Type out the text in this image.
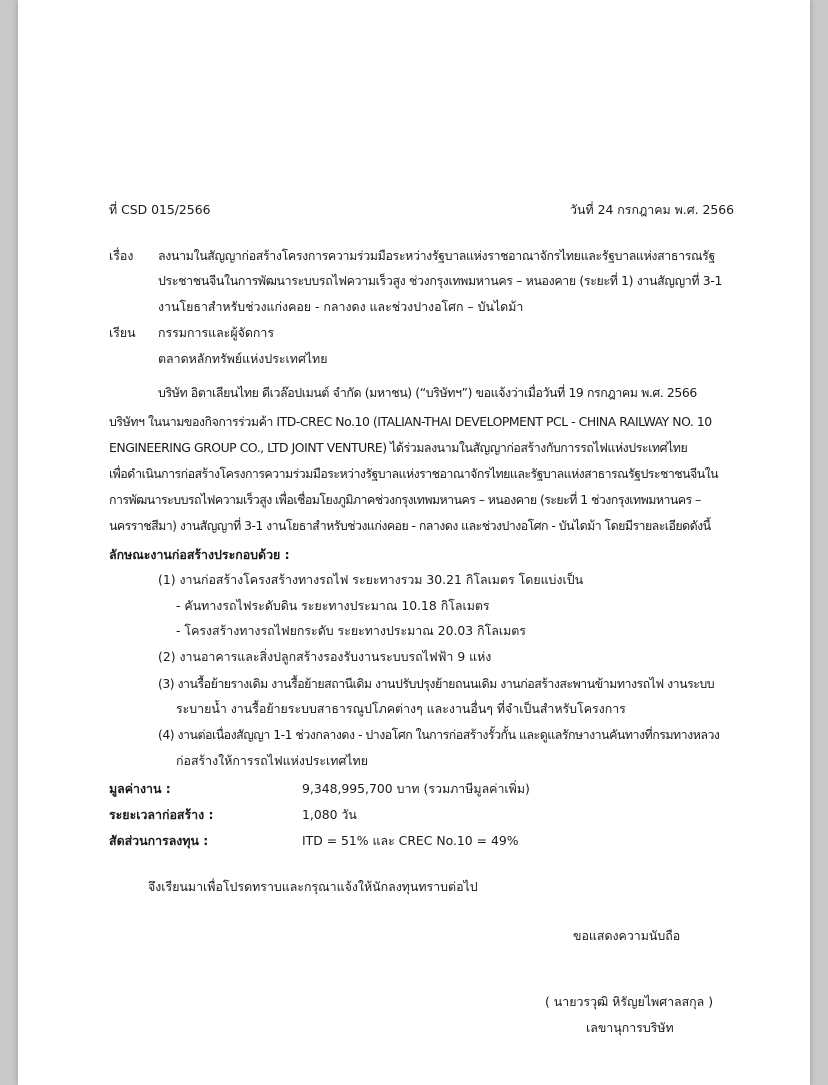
ที่ CSD 015/2566	วันที่ 24 กรกฎาคม พ.ศ. 2566
เรื่อง ลงนามในสัญญาก่อสร้างโครงการความร่วมมือระหว่างรัฐบาลแห่งราชอาณาจักรไทยและรัฐบาลแห่งสาธารณรัฐ
ประชาชนจีนในการพัฒนาระบบรถไฟความเร็วสูง ช่วงกรุงเทพมหานคร – หนองคาย (ระยะที่ 1) งานสัญญาที่ 3-1
งานโยธาสำหรับช่วงแก่งคอย - กลางดง และช่วงปางอโศก – บันไดม้า
เรียน กรรมการและผู้จัดการ
ตลาดหลักทรัพย์แห่งประเทศไทย
บริษัท อิตาเลียนไทย ดีเวล๊อปเมนต์ จำกัด (มหาชน) (“บริษัทฯ”) ขอแจ้งว่าเมื่อวันที่ 19 กรกฎาคม พ.ศ. 2566
บริษัทฯ ในนามของกิจการร่วมค้า ITD-CREC No.10 (ITALIAN-THAI DEVELOPMENT PCL - CHINA RAILWAY NO. 10
ENGINEERING GROUP CO., LTD JOINT VENTURE) ได้ร่วมลงนามในสัญญาก่อสร้างกับการรถไฟแห่งประเทศไทย
เพื่อดำเนินการก่อสร้างโครงการความร่วมมือระหว่างรัฐบาลแห่งราชอาณาจักรไทยและรัฐบาลแห่งสาธารณรัฐประชาชนจีนใน
การพัฒนาระบบรถไฟความเร็วสูง เพื่อเชื่อมโยงภูมิภาคช่วงกรุงเทพมหานคร – หนองคาย (ระยะที่ 1 ช่วงกรุงเทพมหานคร –
นครราชสีมา) งานสัญญาที่ 3-1 งานโยธาสำหรับช่วงแก่งคอย - กลางดง และช่วงปางอโศก - บันไดม้า โดยมีรายละเอียดดังนี้
ลักษณะงานก่อสร้างประกอบด้วย :
(1) งานก่อสร้างโครงสร้างทางรถไฟ ระยะทางรวม 30.21 กิโลเมตร โดยแบ่งเป็น
- คันทางรถไฟระดับดิน ระยะทางประมาณ 10.18 กิโลเมตร
- โครงสร้างทางรถไฟยกระดับ ระยะทางประมาณ 20.03 กิโลเมตร
(2) งานอาคารและสิ่งปลูกสร้างรองรับงานระบบรถไฟฟ้า 9 แห่ง
(3) งานรื้อย้ายรางเดิม งานรื้อย้ายสถานีเดิม งานปรับปรุงย้ายถนนเดิม งานก่อสร้างสะพานข้ามทางรถไฟ งานระบบ
ระบายน้ำ งานรื้อย้ายระบบสาธารณูปโภคต่างๆ และงานอื่นๆ ที่จำเป็นสำหรับโครงการ
(4) งานต่อเนื่องสัญญา 1-1 ช่วงกลางดง - ปางอโศก ในการก่อสร้างรั้วกั้น และดูแลรักษางานคันทางที่กรมทางหลวง
ก่อสร้างให้การรถไฟแห่งประเทศไทย
มูลค่างาน :	9,348,995,700 บาท (รวมภาษีมูลค่าเพิ่ม)
ระยะเวลาก่อสร้าง :	1,080 วัน
สัดส่วนการลงทุน :	ITD = 51% และ CREC No.10 = 49%
จึงเรียนมาเพื่อโปรดทราบและกรุณาแจ้งให้นักลงทุนทราบต่อไป
ขอแสดงความนับถือ
( นายวรวุฒิ หิรัญยไพศาลสกุล )
เลขานุการบริษัท
